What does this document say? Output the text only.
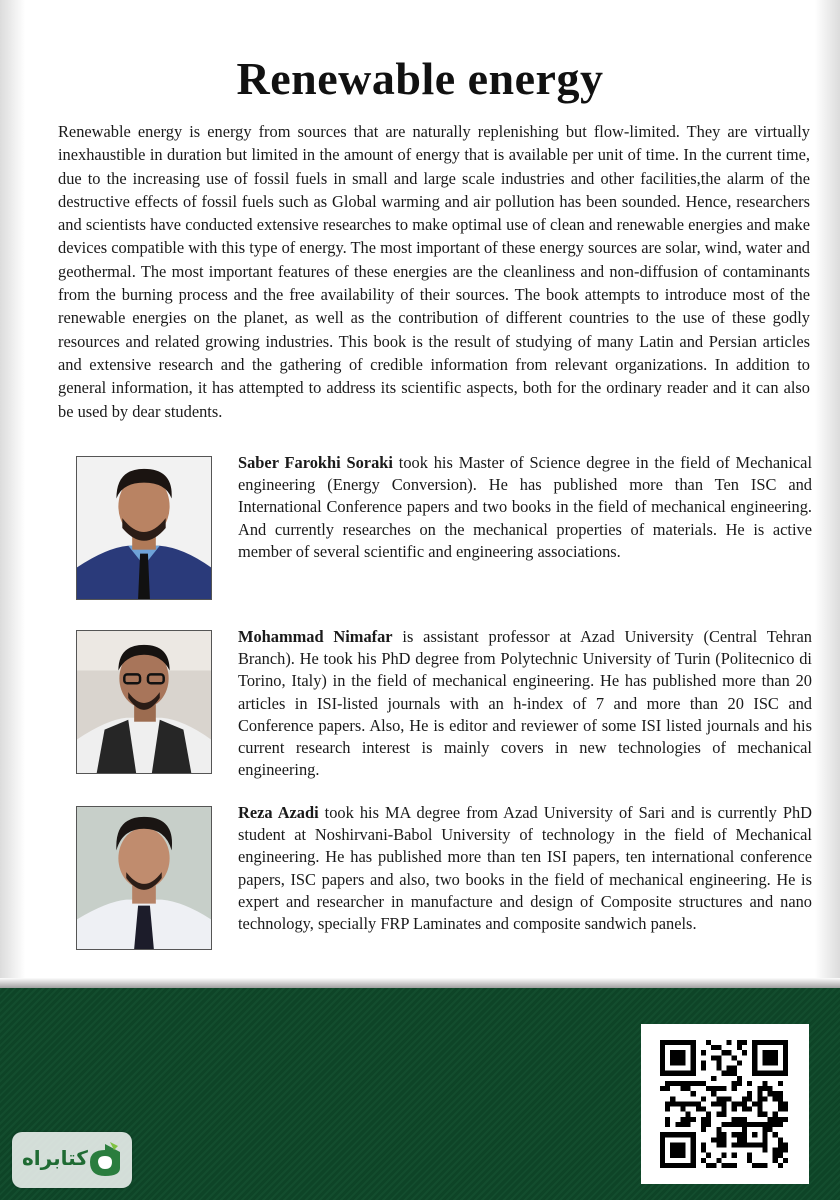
Renewable energy

Renewable energy is energy from sources that are naturally replenishing but flow-limited. They are virtually inexhaustible in duration but limited in the amount of energy that is available per unit of time. In the current time, due to the increasing use of fossil fuels in small and large scale industries and other facilities,the alarm of the destructive effects of fossil fuels such as Global warming and air pollution has been sounded. Hence, researchers and scientists have conducted extensive researches to make optimal use of clean and renewable energies and make devices compatible with this type of energy. The most important of these energy sources are solar, wind, water and geothermal. The most important features of these energies are the cleanliness and non-diffusion of contaminants from the burning process and the free availability of their sources. The book attempts to introduce most of the renewable energies on the planet, as well as the contribution of different countries to the use of these godly resources and related growing industries. This book is the result of studying of many Latin and Persian articles and extensive research and the gathering of credible information from relevant organizations. In addition to general information, it has attempted to address its scientific aspects, both for the ordinary reader and it can also be used by dear students.

Saber Farokhi Soraki took his Master of Science degree in the field of Mechanical engineering (Energy Conversion). He has published more than Ten ISC and International Conference papers and two books in the field of mechanical engineering. And currently researches on the mechanical properties of materials. He is active member of several scientific and engineering associations.

Mohammad Nimafar is assistant professor at Azad University (Central Tehran Branch). He took his PhD degree from Polytechnic University of Turin (Politecnico di Torino, Italy) in the field of mechanical engineering. He has published more than 20 articles in ISI-listed journals with an h-index of 7 and more than 20 ISC and Conference papers. Also, He is editor and reviewer of some ISI listed journals and his current research interest is mainly covers in new technologies of mechanical engineering.

Reza Azadi took his MA degree from Azad University of Sari and is currently PhD student at Noshirvani-Babol University of technology in the field of Mechanical engineering. He has published more than ten ISI papers, ten international conference papers, ISC papers and also, two books in the field of mechanical engineering. He is expert and researcher in manufacture and design of Composite structures and nano technology, specially FRP Laminates and composite sandwich panels.

کتابراه
